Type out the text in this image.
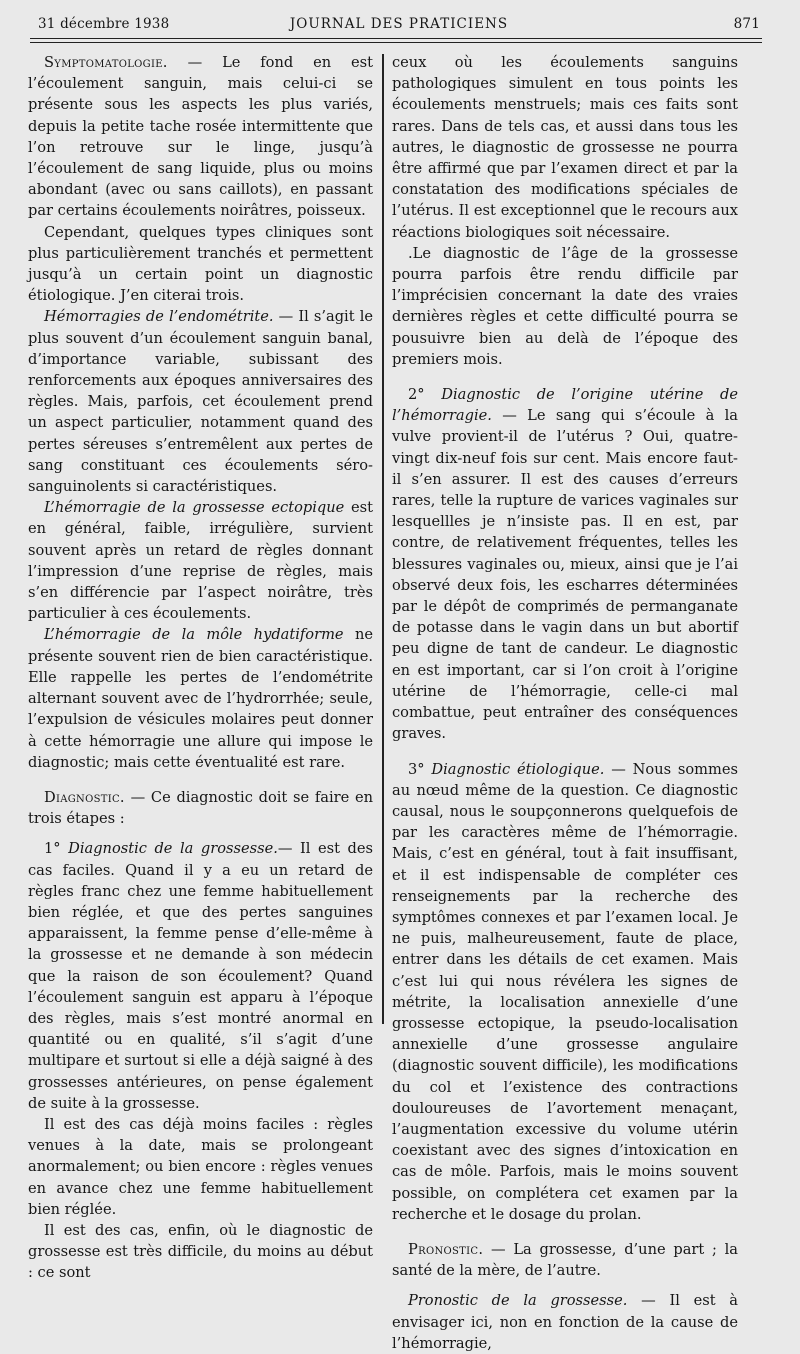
31 décembre 1938	JOURNAL DES PRATICIENS	871

Symptomatologie. — Le fond en est l’écoulement sanguin, mais celui-ci se présente sous les aspects les plus variés, depuis la petite tache rosée intermittente que l’on retrouve sur le linge, jusqu’à l’écoulement de sang liquide, plus ou moins abondant (avec ou sans caillots), en passant par certains écoulements noirâtres, poisseux.

Cependant, quelques types cliniques sont plus particulièrement tranchés et permettent jusqu’à un certain point un diagnostic étiologique. J’en citerai trois.

Hémorragies de l’endométrite. — Il s’agit le plus souvent d’un écoulement sanguin banal, d’importance variable, subissant des renforcements aux époques anniversaires des règles. Mais, parfois, cet écoulement prend un aspect particulier, notamment quand des pertes séreuses s’entremêlent aux pertes de sang constituant ces écoulements séro-sanguinolents si caractéristiques.

L’hémorragie de la grossesse ectopique est en général, faible, irrégulière, survient souvent après un retard de règles donnant l’impression d’une reprise de règles, mais s’en différencie par l’aspect noirâtre, très particulier à ces écoulements.

L’hémorragie de la môle hydatiforme ne présente souvent rien de bien caractéristique. Elle rappelle les pertes de l’endométrite alternant souvent avec de l’hydrorrhée; seule, l’expulsion de vésicules molaires peut donner à cette hémorragie une allure qui impose le diagnostic; mais cette éventualité est rare.

Diagnostic. — Ce diagnostic doit se faire en trois étapes :

1° Diagnostic de la grossesse.— Il est des cas faciles. Quand il y a eu un retard de règles franc chez une femme habituellement bien réglée, et que des pertes sanguines apparaissent, la femme pense d’elle-même à la grossesse et ne demande à son médecin que la raison de son écoulement? Quand l’écoulement sanguin est apparu à l’époque des règles, mais s’est montré anormal en quantité ou en qualité, s’il s’agit d’une multipare et surtout si elle a déjà saigné à des grossesses antérieures, on pense également de suite à la grossesse.

Il est des cas déjà moins faciles : règles venues à la date, mais se prolongeant anormalement; ou bien encore : règles venues en avance chez une femme habituellement bien réglée.

Il est des cas, enfin, où le diagnostic de grossesse est très difficile, du moins au début : ce sont

ceux où les écoulements sanguins pathologiques simulent en tous points les écoulements menstruels; mais ces faits sont rares. Dans de tels cas, et aussi dans tous les autres, le diagnostic de grossesse ne pourra être affirmé que par l’examen direct et par la constatation des modifications spéciales de l’utérus. Il est exceptionnel que le recours aux réactions biologiques soit nécessaire.

.Le diagnostic de l’âge de la grossesse pourra parfois être rendu difficile par l’imprécisien concernant la date des vraies dernières règles et cette difficulté pourra se pousuivre bien au delà de l’époque des premiers mois.

2° Diagnostic de l’origine utérine de l’hémorragie. — Le sang qui s’écoule à la vulve provient-il de l’utérus ? Oui, quatre-vingt dix-neuf fois sur cent. Mais encore faut-il s’en assurer. Il est des causes d’erreurs rares, telle la rupture de varices vaginales sur lesquellles je n’insiste pas. Il en est, par contre, de relativement fréquentes, telles les blessures vaginales ou, mieux, ainsi que je l’ai observé deux fois, les escharres déterminées par le dépôt de comprimés de permanganate de potasse dans le vagin dans un but abortif peu digne de tant de candeur. Le diagnostic en est important, car si l’on croit à l’origine utérine de l’hémorragie, celle-ci mal combattue, peut entraîner des conséquences graves.

3° Diagnostic étiologique. — Nous sommes au nœud même de la question. Ce diagnostic causal, nous le soupçonnerons quelquefois de par les caractères même de l’hémorragie. Mais, c’est en général, tout à fait insuffisant, et il est indispensable de compléter ces renseignements par la recherche des symptômes connexes et par l’examen local. Je ne puis, malheureusement, faute de place, entrer dans les détails de cet examen. Mais c’est lui qui nous révélera les signes de métrite, la localisation annexielle d’une grossesse ectopique, la pseudo-localisation annexielle d’une grossesse angulaire (diagnostic souvent difficile), les modifications du col et l’existence des contractions douloureuses de l’avortement menaçant, l’augmentation excessive du volume utérin coexistant avec des signes d’intoxication en cas de môle. Parfois, mais le moins souvent possible, on complétera cet examen par la recherche et le dosage du prolan.

Pronostic. — La grossesse, d’une part ; la santé de la mère, de l’autre.

Pronostic de la grossesse. — Il est à envisager ici, non en fonction de la cause de l’hémorragie,
